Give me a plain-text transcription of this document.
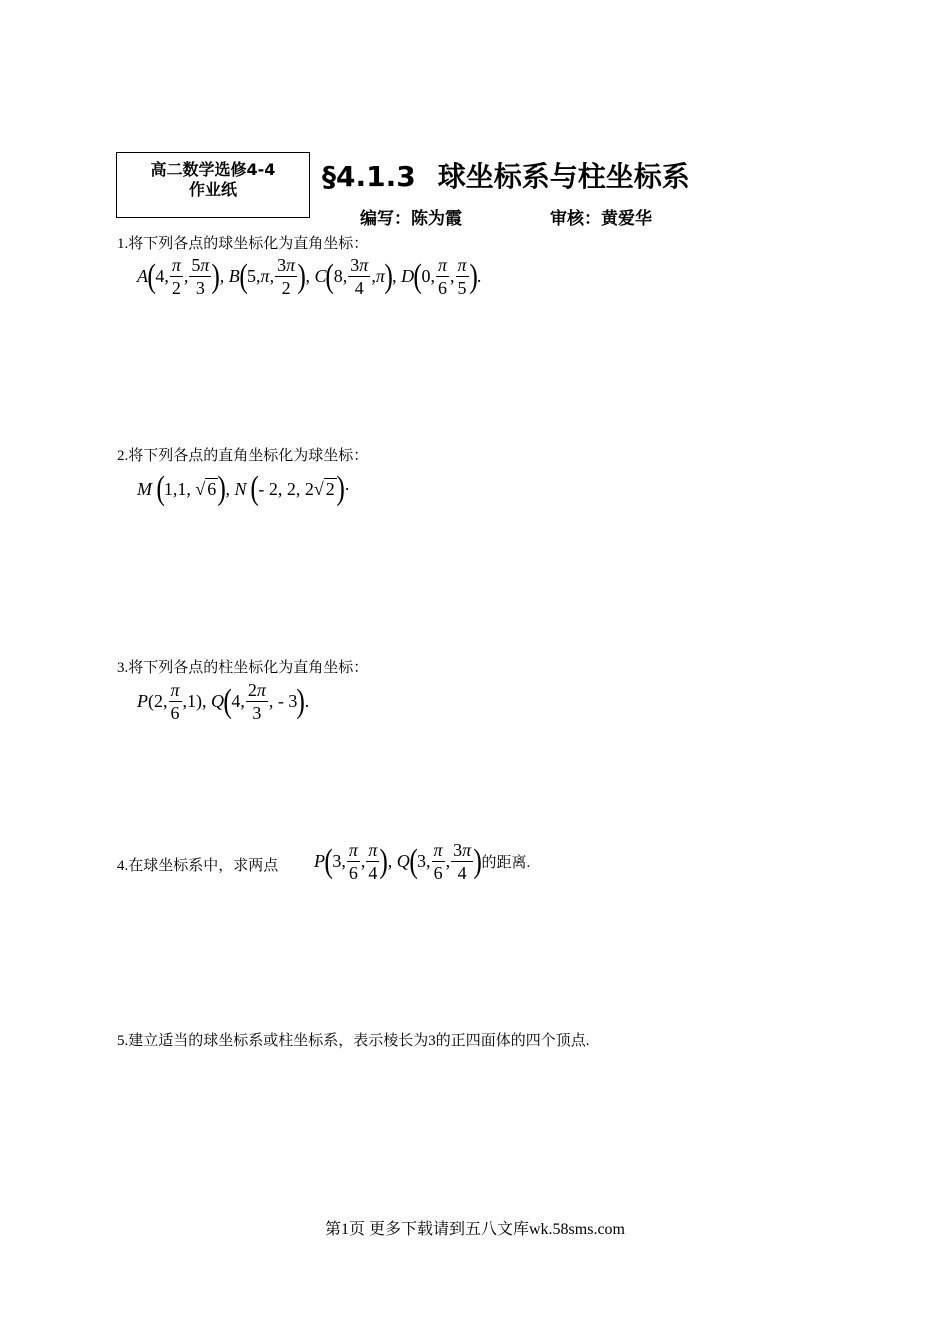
高二数学选修4-4
作业纸	§4.1.3 球坐标系与柱坐标系
编写：陈为霞	审核：黄爱华
1.将下列各点的球坐标化为直角坐标：
A ( 4, $\frac{\pi}{2}$ , $\frac{5\pi}{3}$ ) , B ( 5, π , $\frac{3\pi}{2}$ ) , C ( 8, $\frac{3\pi}{4}$ , π ) , D ( 0, $\frac{\pi}{6}$ , $\frac{\pi}{5}$ ) .
2.将下列各点的直角坐标化为球坐标：
M
( 1,1, √ 6 ) , N
( - 2, 2, 2√ 2 ) ·
3.将下列各点的柱坐标化为直角坐标：
P (2, $\frac{\pi}{6} ,1$), Q ( 4, $\frac{2\pi}{3}$ , - 3 ) .
4.在球坐标系中，求两点 P ( 3, $\frac{\pi}{6}$ , $\frac{\pi}{4}$ ) , Q ( 3, $\frac{\pi}{6}$ , $\frac{3\pi}{4}$ ) 的距离.
5.建立适当的球坐标系或柱坐标系，表示棱长为3的正四面体的四个顶点.
第1页 更多下载请到五八文库wk.58sms.com
